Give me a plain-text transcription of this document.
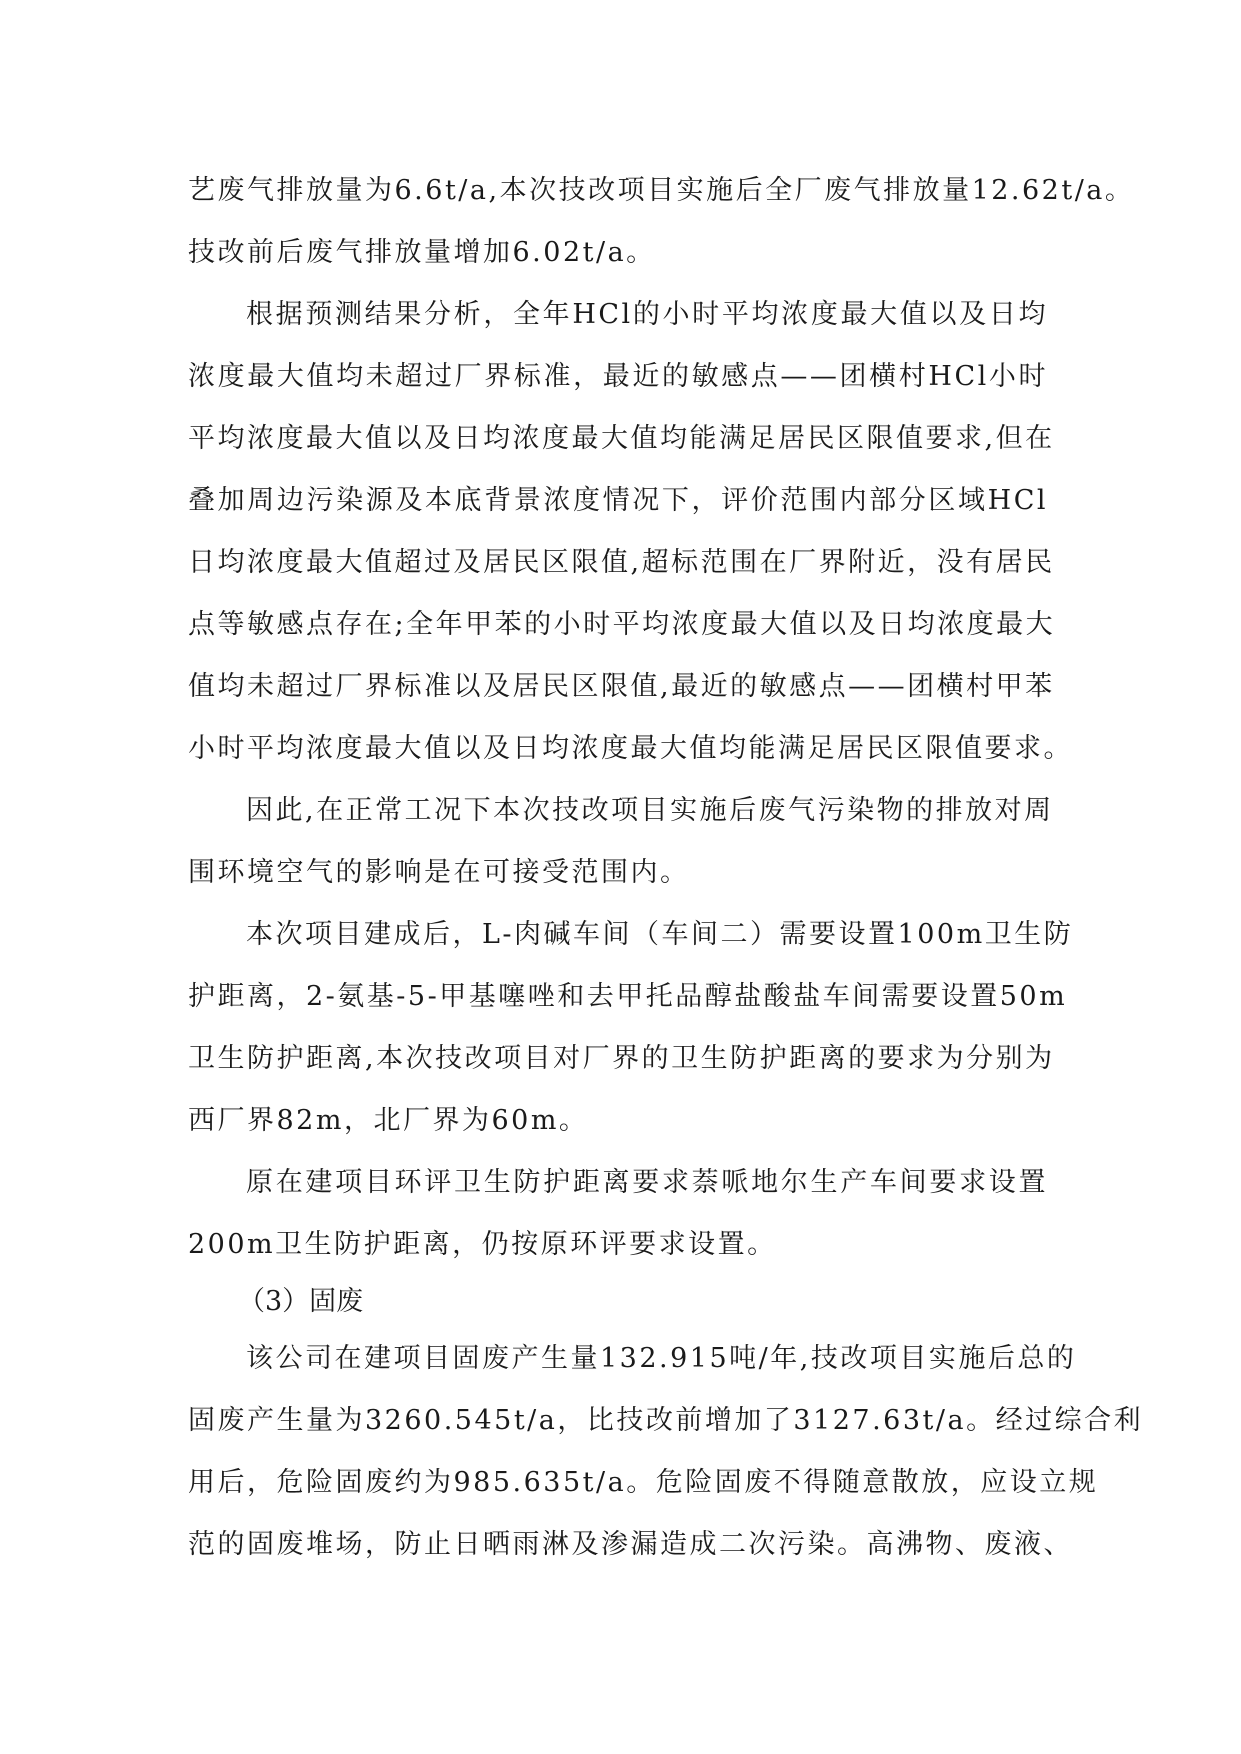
艺废气排放量为6.6t/a,本次技改项目实施后全厂废气排放量12.62t/a。
技改前后废气排放量增加6.02t/a。

根据预测结果分析，全年HCl的小时平均浓度最大值以及日均
浓度最大值均未超过厂界标准，最近的敏感点——团横村HCl小时
平均浓度最大值以及日均浓度最大值均能满足居民区限值要求,但在
叠加周边污染源及本底背景浓度情况下，评价范围内部分区域HCl
日均浓度最大值超过及居民区限值,超标范围在厂界附近，没有居民
点等敏感点存在;全年甲苯的小时平均浓度最大值以及日均浓度最大
值均未超过厂界标准以及居民区限值,最近的敏感点——团横村甲苯
小时平均浓度最大值以及日均浓度最大值均能满足居民区限值要求。

因此,在正常工况下本次技改项目实施后废气污染物的排放对周
围环境空气的影响是在可接受范围内。

本次项目建成后，L-肉碱车间（车间二）需要设置100m卫生防
护距离，2-氨基-5-甲基噻唑和去甲托品醇盐酸盐车间需要设置50m
卫生防护距离,本次技改项目对厂界的卫生防护距离的要求为分别为
西厂界82m，北厂界为60m。

原在建项目环评卫生防护距离要求萘哌地尔生产车间要求设置
200m卫生防护距离，仍按原环评要求设置。

（3）固废

该公司在建项目固废产生量132.915吨/年,技改项目实施后总的
固废产生量为3260.545t/a，比技改前增加了3127.63t/a。经过综合利
用后，危险固废约为985.635t/a。危险固废不得随意散放，应设立规
范的固废堆场，防止日晒雨淋及渗漏造成二次污染。高沸物、废液、
